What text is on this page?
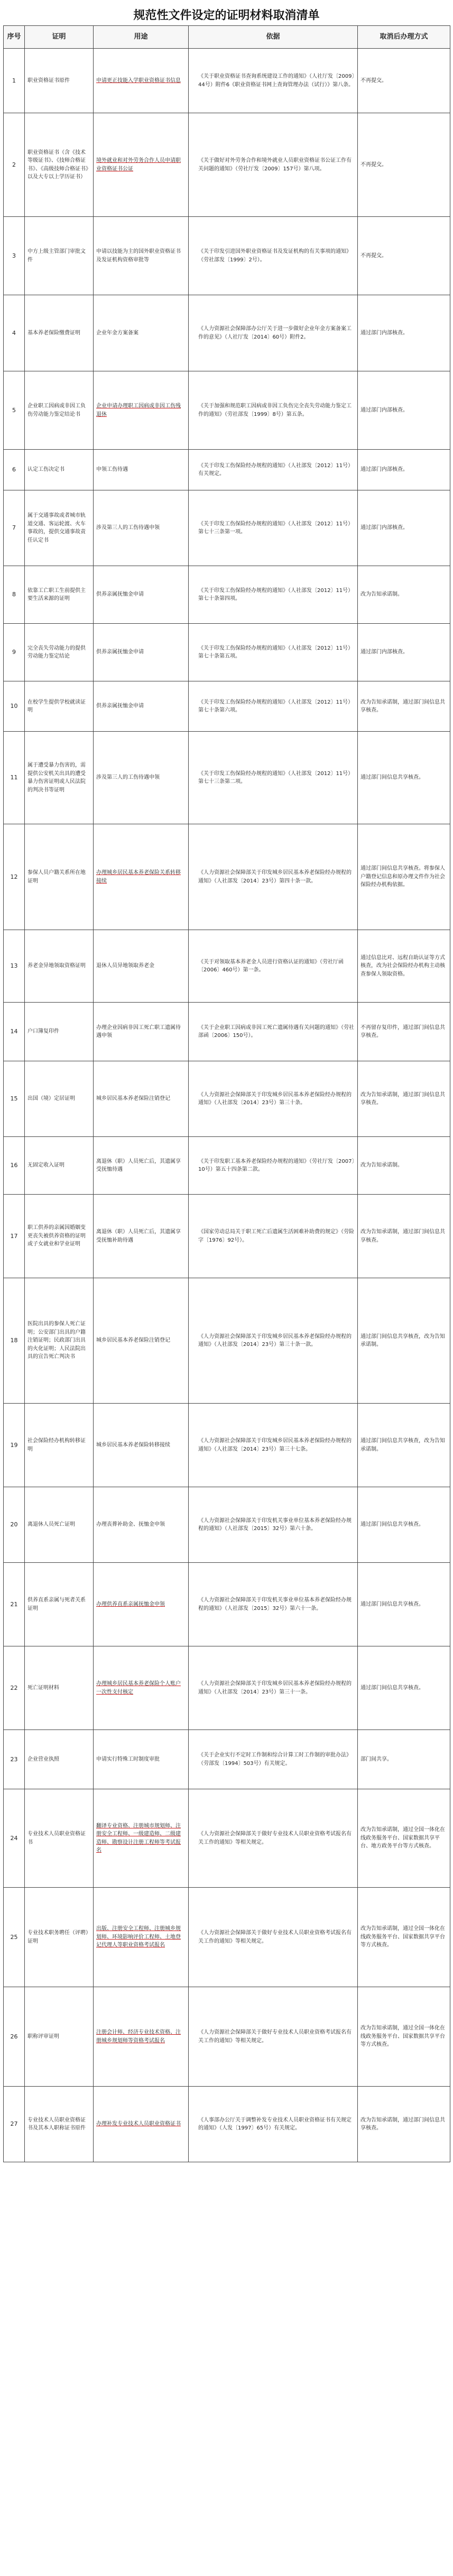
规范性文件设定的证明材料取消清单
序号	证明	用途	依据	取消后办理方式
1	职业资格证书原件	申请更正技能入学职业资格证书信息	《关于职业资格证书查询系统建设工作的通知》（人社厅发〔2009〕44号）附件6《职业资格证书网上查询管理办法（试行）》第八条。	不再提交。
2	职业资格证书（含《技术等级证书》、《技师合格证书》、《高级技师合格证书》以及大专以上学历证书）	境外就业和对外劳务合作人员申请职业资格证书公证	《关于做好对外劳务合作和境外就业人员职业资格证书公证工作有关问题的通知》（劳社厅发〔2009〕157号）第八项。	不再提交。
3	中方上级主管部门审批文件	申请以技能为主的国外职业资格证书及发证机构资格审批等	《关于印发引进国外职业资格证书及发证机构的有关事项的通知》（劳社部发〔1999〕2号）。	不再提交。
4	基本养老保险缴费证明	企业年金方案备案	《人力资源社会保障部办公厅关于进一步做好企业年金方案备案工作的意见》（人社厅发〔2014〕60号）附件2。	通过部门内部核查。
5	企业职工因病或非因工负伤劳动能力鉴定结论书	企业申请办理职工因病或非因工伤残退休	《关于加强和规范职工因病或非因工负伤完全丧失劳动能力鉴定工作的通知》（劳社部发〔1999〕8号）第五条。	通过部门内部核查。
6	认定工伤决定书	申领工伤待遇	《关于印发工伤保险经办规程的通知》（人社部发〔2012〕11号）有关规定。	通过部门内部核查。
7	属于交通事故或者城市轨道交通、客运轮渡、火车事故的，提供交通事故责任认定书	涉及第三人的工伤待遇申领	《关于印发工伤保险经办规程的通知》（人社部发〔2012〕11号）第七十三条第一项。	通过部门内部核查。
8	依靠工亡职工生前提供主要生活来源的证明	供养亲属抚恤金申请	《关于印发工伤保险经办规程的通知》（人社部发〔2012〕11号）第七十条第四项。	改为告知承诺制。
9	完全丧失劳动能力的提供劳动能力鉴定结论	供养亲属抚恤金申请	《关于印发工伤保险经办规程的通知》（人社部发〔2012〕11号）第七十条第五项。	通过部门内部核查。
10	在校学生提供学校就读证明	供养亲属抚恤金申请	《关于印发工伤保险经办规程的通知》（人社部发〔2012〕11号）第七十条第六项。	改为告知承诺制，通过部门间信息共享核查。
11	属于遭受暴力伤害的，需提供公安机关出具的遭受暴力伤害证明或人民法院的判决书等证明	涉及第三人的工伤待遇申领	《关于印发工伤保险经办规程的通知》（人社部发〔2012〕11号）第七十三条第二项。	通过部门间信息共享核查。
12	参保人员户籍关系所在地证明	办理城乡居民基本养老保险关系转移接续	《人力资源社会保障部关于印发城乡居民基本养老保险经办规程的通知》（人社部发〔2014〕23号）第四十条一款。	通过部门间信息共享核查。将参保人户籍登记信息和原办理文件作为社会保险经办机构依据。
13	养老金异地领取资格证明	退休人员异地领取养老金	《关于对领取基本养老金人员进行资格认证的通知》（劳社厅函〔2006〕460号）第一条。	通过信息比对、远程自助认证等方式核查，改为社会保险经办机构主动核查参保人领取资格。
14	户口簿复印件	办理企业因病非因工死亡职工遗属待遇申领	《关于企业职工因病或非因工死亡遗属待遇有关问题的通知》（劳社部函〔2006〕150号）。	不再留存复印件，通过部门间信息共享核查。
15	出国（境）定居证明	城乡居民基本养老保险注销登记	《人力资源社会保障部关于印发城乡居民基本养老保险经办规程的通知》（人社部发〔2014〕23号）第三十条。	改为告知承诺制，通过部门间信息共享核查。
16	无固定收入证明	离退休（职）人员死亡后，其遗属享受抚恤待遇	《关于印发职工基本养老保险经办规程的通知》（劳社厅发〔2007〕10号）第五十四条第二款。	改为告知承诺制。
17	职工供养的亲属因婚姻变更丧失被供养资格的证明或子女就业和学业证明	离退休（职）人员死亡后，其遗属享受抚恤补助待遇	《国家劳动总局关于职工死亡后遗属生活困难补助费的规定》（劳险字〔1976〕92号）。	改为告知承诺制，通过部门间信息共享核查。
18	医院出具的参保人死亡证明；公安部门出具的户籍注销证明；民政部门出具的火化证明；人民法院出具的宣告死亡判决书	城乡居民基本养老保险注销登记	《人力资源社会保障部关于印发城乡居民基本养老保险经办规程的通知》（人社部发〔2014〕23号）第三十条一款。	通过部门间信息共享核查，改为告知承诺制。
19	社会保险经办机构转移证明	城乡居民基本养老保险转移接续	《人力资源社会保障部关于印发城乡居民基本养老保险经办规程的通知》（人社部发〔2014〕23号）第三十七条。	通过部门间信息共享核查，改为告知承诺制。
20	离退休人员死亡证明	办理丧葬补助金、抚恤金申领	《人力资源社会保障部关于印发机关事业单位基本养老保险经办规程的通知》（人社部发〔2015〕32号）第六十条。	通过部门间信息共享核查。
21	供养直系亲属与死者关系证明	办理供养直系亲属抚恤金申领	《人力资源社会保障部关于印发机关事业单位基本养老保险经办规程的通知》（人社部发〔2015〕32号）第六十一条。	通过部门间信息共享核查。
22	死亡证明材料	办理城乡居民基本养老保险个人账户一次性支付核定	《人力资源社会保障部关于印发城乡居民基本养老保险经办规程的通知》（人社部发〔2014〕23号）第三十一条。	通过部门间信息共享核查。
23	企业营业执照	申请实行特殊工时制度审批	《关于企业实行不定时工作制和综合计算工时工作制的审批办法》（劳部发〔1994〕503号）有关规定。	部门间共享。
24	专业技术人员职业资格证书	翻译专业资格、注册城市规划师、注册安全工程师、一级建造师、二级建造师、勘察设计注册工程师等考试报名	《人力资源社会保障部关于做好专业技术人员职业资格考试报名有关工作的通知》等相关规定。	改为告知承诺制，通过全国一体化在线政务服务平台、国家数据共享平台、地方政务平台等方式核查。
25	专业技术职务聘任（评聘）证明	出版、注册安全工程师、注册城乡规划师、环境影响评价工程师、土地登记代理人等职业资格考试报名	《人力资源社会保障部关于做好专业技术人员职业资格考试报名有关工作的通知》等相关规定。	改为告知承诺制，通过全国一体化在线政务服务平台、国家数据共享平台等方式核查。
26	职称评审证明	注册会计师、经济专业技术资格、注册城乡规划师等资格考试报名	《人力资源社会保障部关于做好专业技术人员职业资格考试报名有关工作的通知》等相关规定。	改为告知承诺制，通过全国一体化在线政务服务平台、国家数据共享平台等方式核查。
27	专业技术人员职业资格证书及其本人职称证书原件	办理补发专业技术人员职业资格证书	《人事部办公厅关于调整补发专业技术人员职业资格证书有关规定的通知》（人发〔1997〕65号）有关规定。	改为告知承诺制，通过部门间信息共享核查。
